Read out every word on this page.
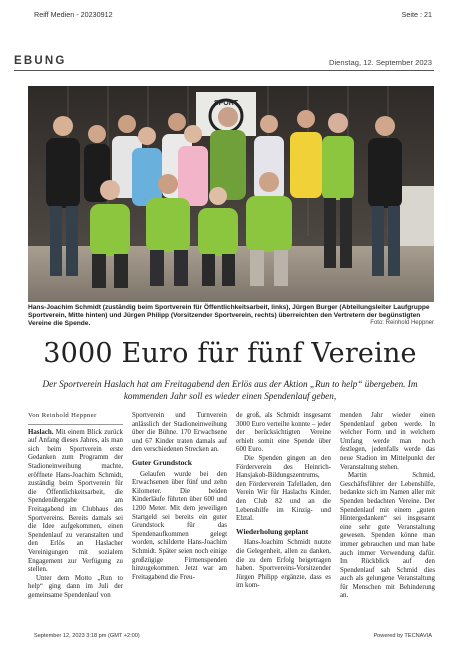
Reiff Medien - 20230912	Seite : 21
EBUNG	Dienstag, 12. September 2023
SPORT
Hans-Joachim Schmidt (zuständig beim Sportverein für Öffentlichkeitsarbeit, links), Jürgen Burger (Abteilungsleiter Laufgruppe Sportverein, Mitte hinten) und Jürgen Philipp (Vorsitzender Sportverein, rechts) überreichten den Vertretern der begünstigten Vereine die Spende.	Foto: Reinhold Heppner
3000 Euro für fünf Vereine
Der Sportverein Haslach hat am Freitagabend den Erlös aus der Aktion „Run to help“ übergeben. Im kommenden Jahr soll es wieder einen Spendenlauf geben,

Von Reinhold Heppner

Haslach. Mit einem Blick zurück auf Anfang dieses Jahres, als man sich beim Sportverein erste Gedanken zum Programm der Stadioneinweihung machte, eröffnete Hans-Joachim Schmidt, zuständig beim Sportverein für die Öffentlichkeitsarbeit, die Spendenübergabe am Freitagabend im Clubhaus des Sportvereins. Bereits damals sei die Idee aufgekommen, einen Spendenlauf zu veranstalten und den Erlös an Haslacher Vereinigungen mit sozialem Engagement zur Verfügung zu stellen.

Unter dem Motto „Run to help“ ging dann im Juli der gemeinsame Spendenlauf von

Sportverein und Turnverein anlässlich der Stadioneinweihung über die Bühne. 170 Erwachsene und 67 Kinder traten damals auf den verschiedenen Strecken an.

Guter Grundstock

Gelaufen wurde bei den Erwachsenen über fünf und zehn Kilometer. Die beiden Kinderläufe führten über 600 und 1200 Meter. Mit dem jeweiligen Startgeld sei bereits ein guter Grundstock für das Spendenaufkommen gelegt worden, schilderte Hans-Joachim Schmidt. Später seien noch einige großzügige Firmenspenden hinzugekommen. Jetzt war am Freitagabend die Freu-

de groß, als Schmidt insgesamt 3000 Euro verteilte konnte – jeder der berücksichtigten Vereine erhielt somit eine Spende über 600 Euro.

Die Spenden gingen an den Förderverein des Heinrich-Hansjakob-Bildungszentrums, den Förderverein Tafelladen, den Verein Wir für Haslachs Kinder, den Club 82 und an die Lebenshilfe im Kinzig- und Elztal.

Wiederholung geplant

Hans-Joachim Schmidt nutzte die Gelegenheit, allen zu danken, die zu dem Erfolg beigetragen haben. Sportvereins-Vorsitzender Jürgen Philipp ergänzte, dass es im kom-

menden Jahr wieder einen Spendenlauf geben werde. In welcher Form und in welchem Umfang werde man noch festlegen, jedenfalls werde das neue Stadion im Mittelpunkt der Veranstaltung stehen.

Martin Schmid, Geschäftsführer der Lebenshilfe, bedankte sich im Namen aller mit Spenden bedachten Vereine. Der Spendenlauf mit einem „guten Hintergedanken“ sei insgesamt eine sehr gute Veranstaltung gewesen. Spenden könne man immer gebrauchen und man habe auch immer Verwendung dafür. Im Rückblick auf den Spendenlauf sah Schmid dies auch als gelungene Veranstaltung für Menschen mit Behinderung an.

September 12, 2023 3:18 pm (GMT +2:00)	Powered by TECNAVIA
